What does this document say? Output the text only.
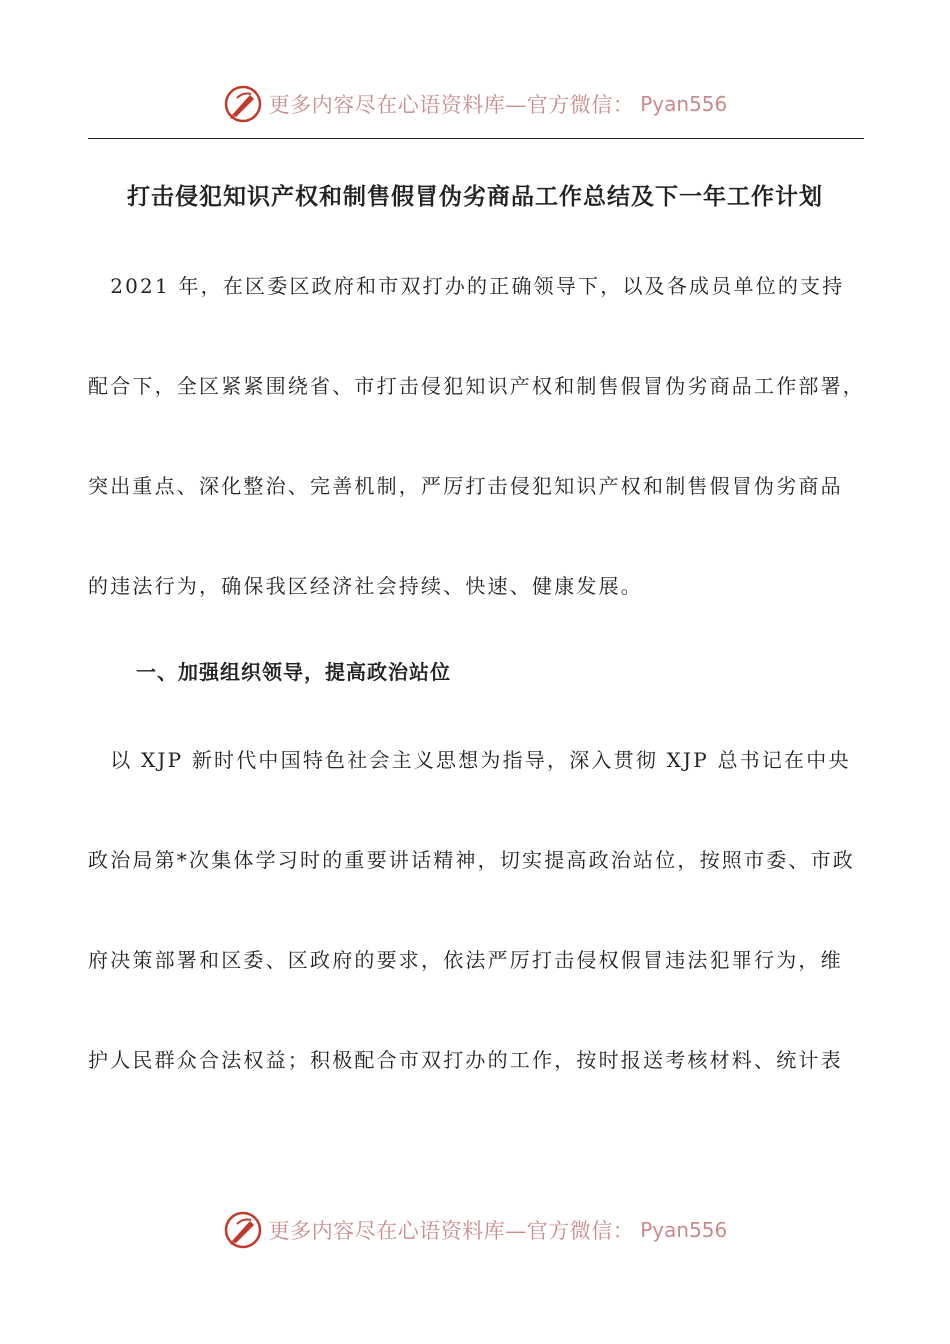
更多内容尽在心语资料库—官方微信： Pyan556
打击侵犯知识产权和制售假冒伪劣商品工作总结及下一年工作计划
　2021 年，在区委区政府和市双打办的正确领导下，以及各成员单位的支持
配合下，全区紧紧围绕省、市打击侵犯知识产权和制售假冒伪劣商品工作部署，
突出重点、深化整治、完善机制，严厉打击侵犯知识产权和制售假冒伪劣商品
的违法行为，确保我区经济社会持续、快速、健康发展。
一、加强组织领导，提高政治站位
　以 XJP 新时代中国特色社会主义思想为指导，深入贯彻 XJP 总书记在中央
政治局第*次集体学习时的重要讲话精神，切实提高政治站位，按照市委、市政
府决策部署和区委、区政府的要求，依法严厉打击侵权假冒违法犯罪行为，维
护人民群众合法权益；积极配合市双打办的工作，按时报送考核材料、统计表
更多内容尽在心语资料库—官方微信： Pyan556
